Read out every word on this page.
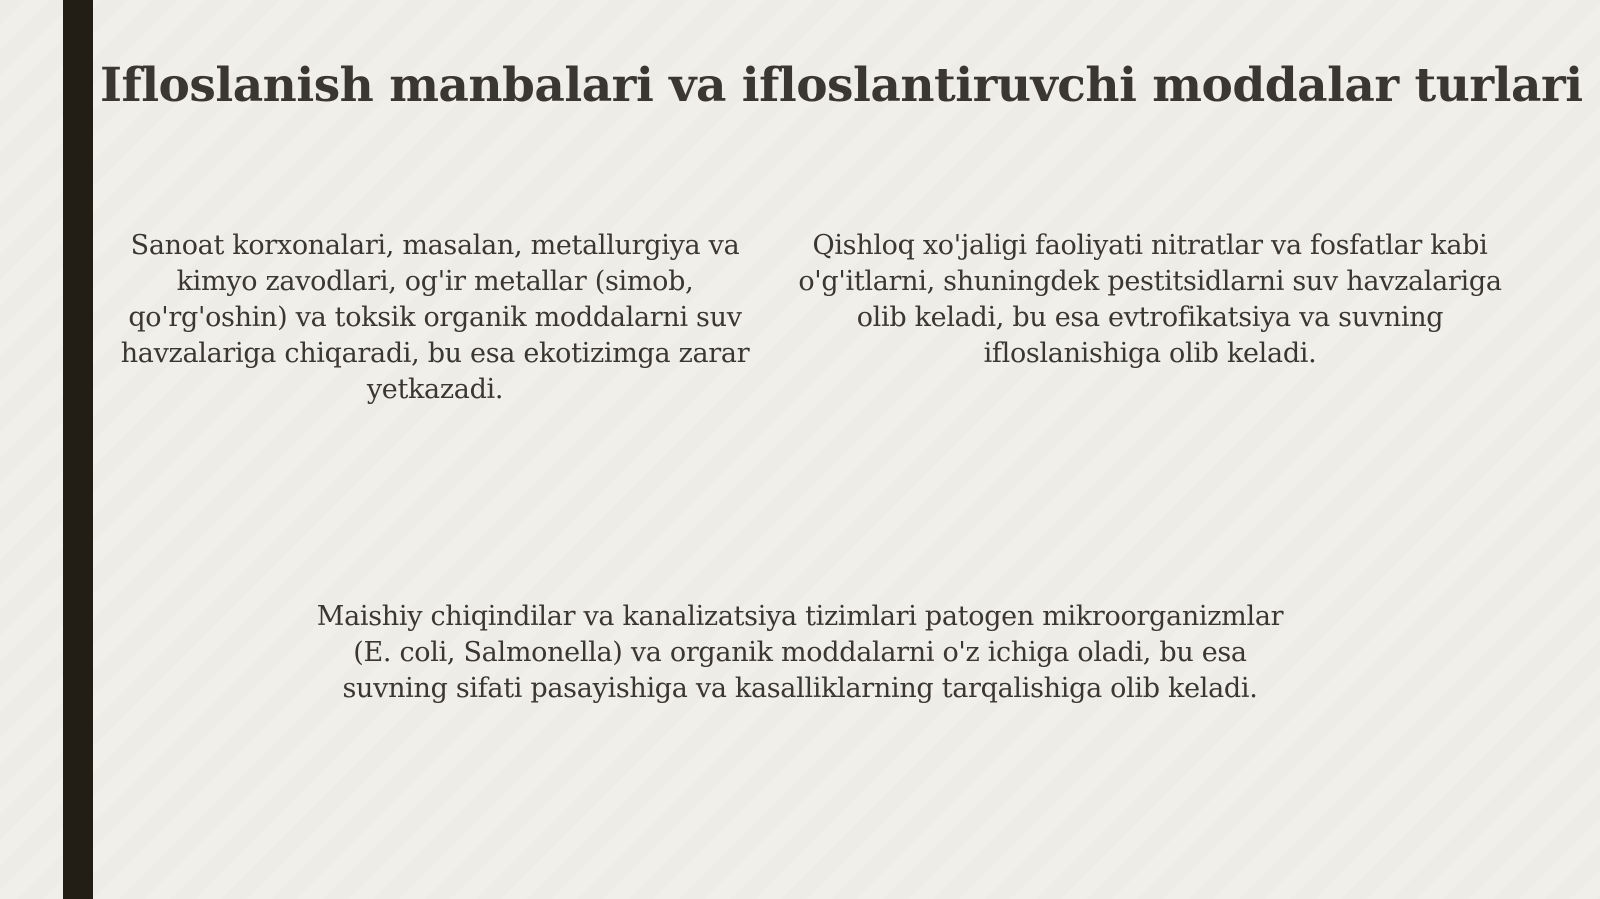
Ifloslanish manbalari va ifloslantiruvchi moddalar turlari

Sanoat korxonalari, masalan, metallurgiya va kimyo zavodlari, og'ir metallar (simob, qo'rg'oshin) va toksik organik moddalarni suv havzalariga chiqaradi, bu esa ekotizimga zarar yetkazadi.

Qishloq xo'jaligi faoliyati nitratlar va fosfatlar kabi o'g'itlarni, shuningdek pestitsidlarni suv havzalariga olib keladi, bu esa evtrofikatsiya va suvning ifloslanishiga olib keladi.

Maishiy chiqindilar va kanalizatsiya tizimlari patogen mikroorganizmlar (E. coli, Salmonella) va organik moddalarni o'z ichiga oladi, bu esa suvning sifati pasayishiga va kasalliklarning tarqalishiga olib keladi.
